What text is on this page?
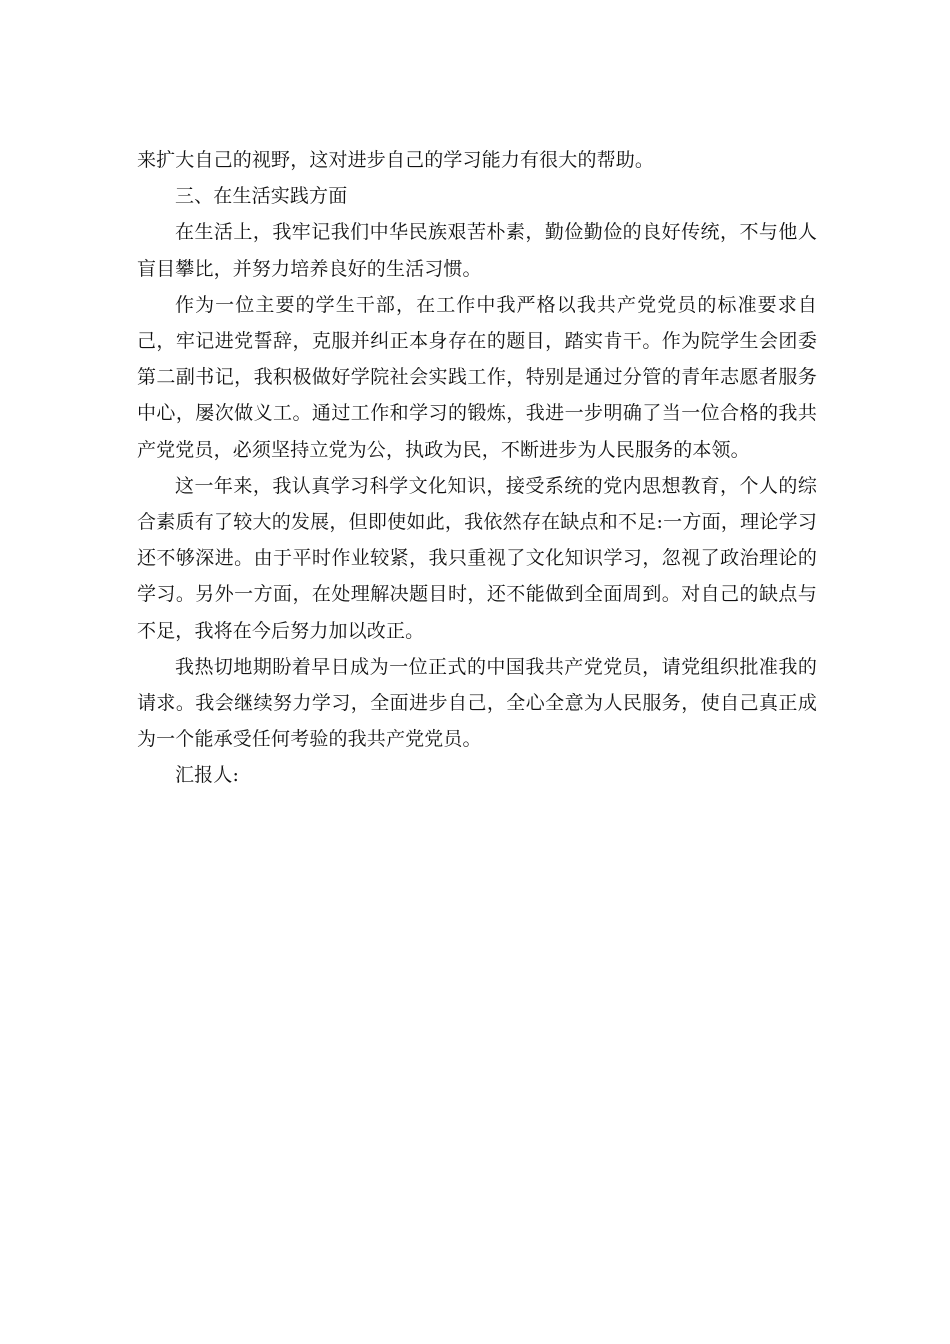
来扩大自己的视野，这对进步自己的学习能力有很大的帮助。

三、在生活实践方面

在生活上，我牢记我们中华民族艰苦朴素，勤俭勤俭的良好传统，不与他人盲目攀比，并努力培养良好的生活习惯。

作为一位主要的学生干部，在工作中我严格以我共产党党员的标准要求自己，牢记进党誓辞，克服并纠正本身存在的题目，踏实肯干。作为院学生会团委第二副书记，我积极做好学院社会实践工作，特别是通过分管的青年志愿者服务中心，屡次做义工。通过工作和学习的锻炼，我进一步明确了当一位合格的我共产党党员，必须坚持立党为公，执政为民，不断进步为人民服务的本领。

这一年来，我认真学习科学文化知识，接受系统的党内思想教育，个人的综合素质有了较大的发展，但即使如此，我依然存在缺点和不足:一方面，理论学习还不够深进。由于平时作业较紧，我只重视了文化知识学习，忽视了政治理论的学习。另外一方面，在处理解决题目时，还不能做到全面周到。对自己的缺点与不足，我将在今后努力加以改正。

我热切地期盼着早日成为一位正式的中国我共产党党员，请党组织批准我的请求。我会继续努力学习，全面进步自己，全心全意为人民服务，使自己真正成为一个能承受任何考验的我共产党党员。

汇报人:
